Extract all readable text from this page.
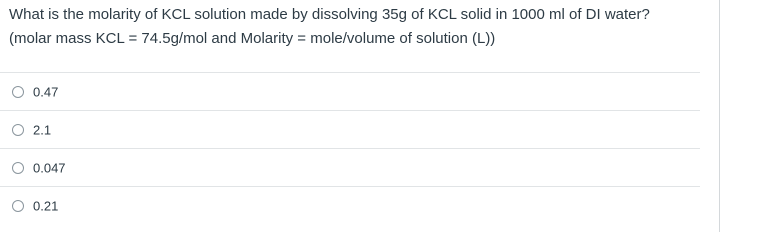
What is the molarity of KCL solution made by dissolving 35g of KCL solid in 1000 ml of DI water?

(molar mass KCL = 74.5g/mol and Molarity = mole/volume of solution (L))

0.47
2.1
0.047
0.21
